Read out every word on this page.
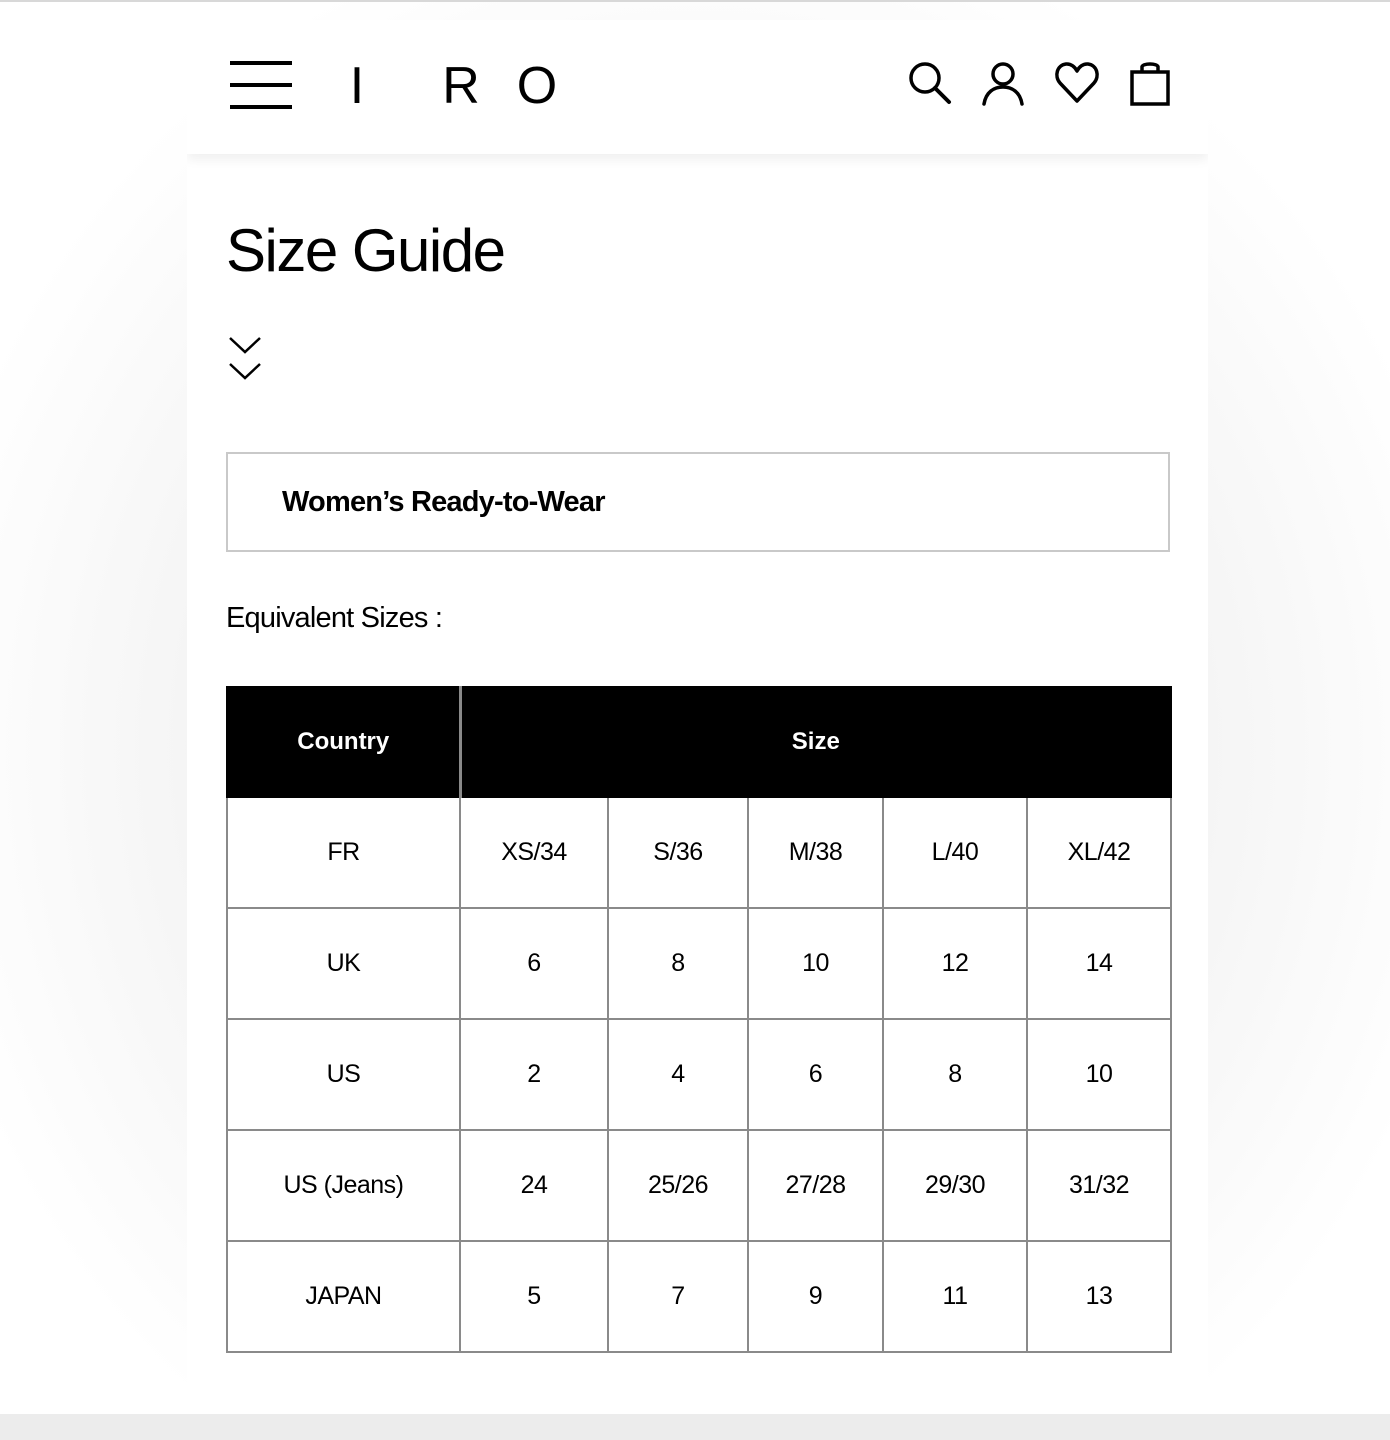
I	R O
Size Guide
Women’s Ready-to-Wear
Equivalent Sizes :
Country	Size				
FR	XS/34	S/36	M/38	L/40	XL/42
UK	6	8	10	12	14
US	2	4	6	8	10
US (Jeans)	24	25/26	27/28	29/30	31/32
JAPAN	5	7	9	11	13
